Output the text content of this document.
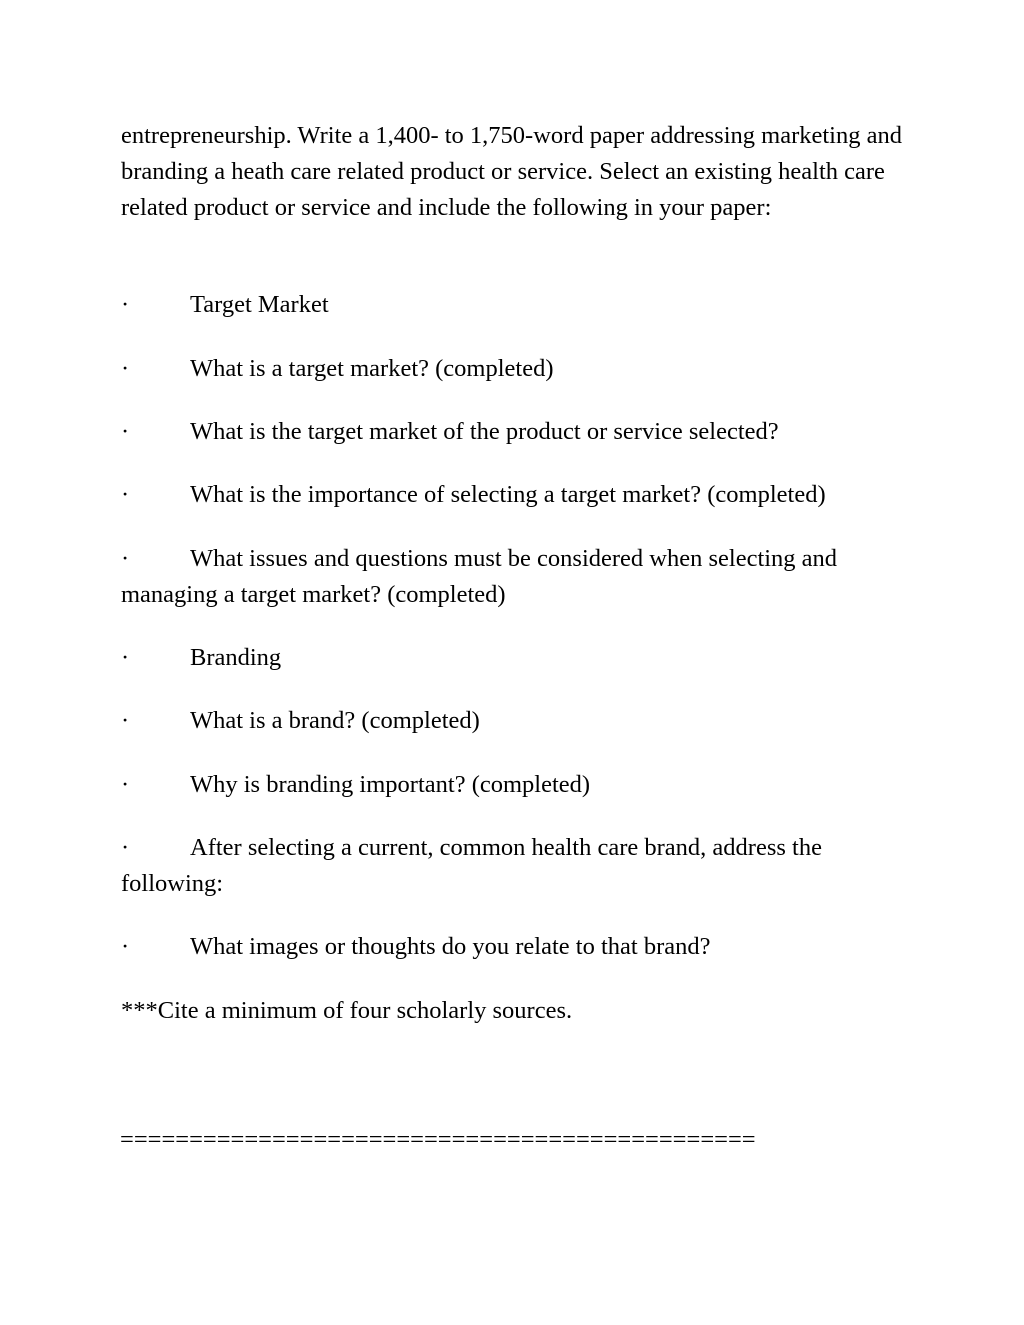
entrepreneurship. Write a 1,400- to 1,750-word paper addressing marketing and branding a heath care related product or service. Select an existing health care related product or service and include the following in your paper:

· Target Market

· What is a target market? (completed)

· What is the target market of the product or service selected?

· What is the importance of selecting a target market? (completed)

· What issues and questions must be considered when selecting and managing a target market? (completed)

· Branding

· What is a brand? (completed)

· Why is branding important? (completed)

· After selecting a current, common health care brand, address the following:

· What images or thoughts do you relate to that brand?

***Cite a minimum of four scholarly sources.

==============================================
